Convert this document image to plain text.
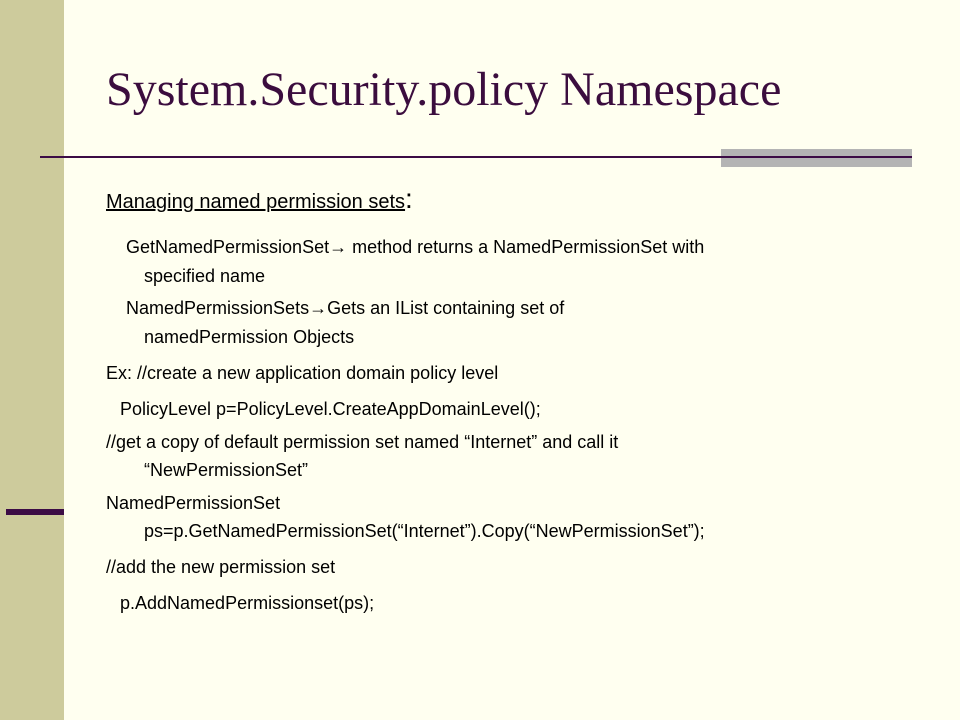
System.Security.policy Namespace
Managing named permission sets:

GetNamedPermissionSet→ method returns a NamedPermissionSet with

specified name

NamedPermissionSets→Gets an IList containing set of

namedPermission Objects

Ex: //create a new application domain policy level

PolicyLevel p=PolicyLevel.CreateAppDomainLevel();

//get a copy of default permission set named “Internet” and call it

“NewPermissionSet”

NamedPermissionSet

ps=p.GetNamedPermissionSet(“Internet”).Copy(“NewPermissionSet”);

//add the new permission set

p.AddNamedPermissionset(ps);
